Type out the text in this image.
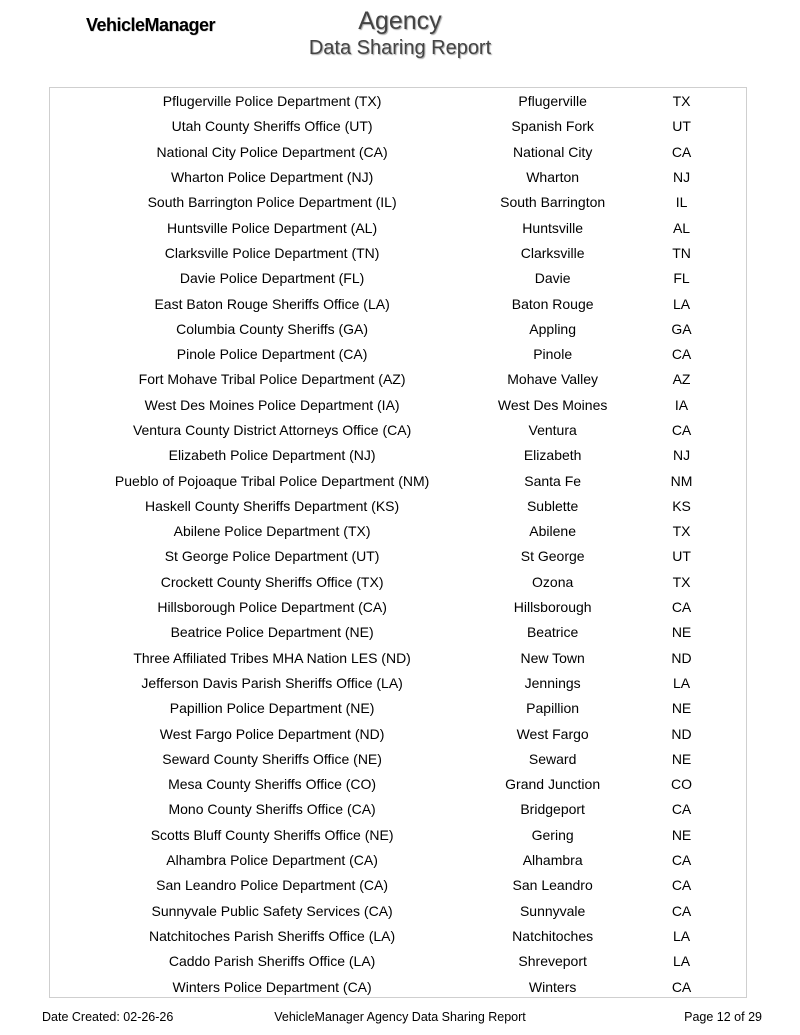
VehicleManager	Agency
Data Sharing Report
Pflugerville Police Department (TX)	Pflugerville	TX
Utah County Sheriffs Office (UT)	Spanish Fork	UT
National City Police Department (CA)	National City	CA
Wharton Police Department (NJ)	Wharton	NJ
South Barrington Police Department (IL)	South Barrington	IL
Huntsville Police Department (AL)	Huntsville	AL
Clarksville Police Department (TN)	Clarksville	TN
Davie Police Department (FL)	Davie	FL
East Baton Rouge Sheriffs Office (LA)	Baton Rouge	LA
Columbia County Sheriffs (GA)	Appling	GA
Pinole Police Department (CA)	Pinole	CA
Fort Mohave Tribal Police Department (AZ)	Mohave Valley	AZ
West Des Moines Police Department (IA)	West Des Moines	IA
Ventura County District Attorneys Office (CA)	Ventura	CA
Elizabeth Police Department (NJ)	Elizabeth	NJ
Pueblo of Pojoaque Tribal Police Department (NM)	Santa Fe	NM
Haskell County Sheriffs Department (KS)	Sublette	KS
Abilene Police Department (TX)	Abilene	TX
St George Police Department (UT)	St George	UT
Crockett County Sheriffs Office (TX)	Ozona	TX
Hillsborough Police Department (CA)	Hillsborough	CA
Beatrice Police Department (NE)	Beatrice	NE
Three Affiliated Tribes MHA Nation LES (ND)	New Town	ND
Jefferson Davis Parish Sheriffs Office (LA)	Jennings	LA
Papillion Police Department (NE)	Papillion	NE
West Fargo Police Department (ND)	West Fargo	ND
Seward County Sheriffs Office (NE)	Seward	NE
Mesa County Sheriffs Office (CO)	Grand Junction	CO
Mono County Sheriffs Office (CA)	Bridgeport	CA
Scotts Bluff County Sheriffs Office (NE)	Gering	NE
Alhambra Police Department (CA)	Alhambra	CA
San Leandro Police Department (CA)	San Leandro	CA
Sunnyvale Public Safety Services (CA)	Sunnyvale	CA
Natchitoches Parish Sheriffs Office (LA)	Natchitoches	LA
Caddo Parish Sheriffs Office (LA)	Shreveport	LA
Winters Police Department (CA)	Winters	CA
Date Created: 02-26-26	VehicleManager Agency Data Sharing Report	Page 12 of 29
